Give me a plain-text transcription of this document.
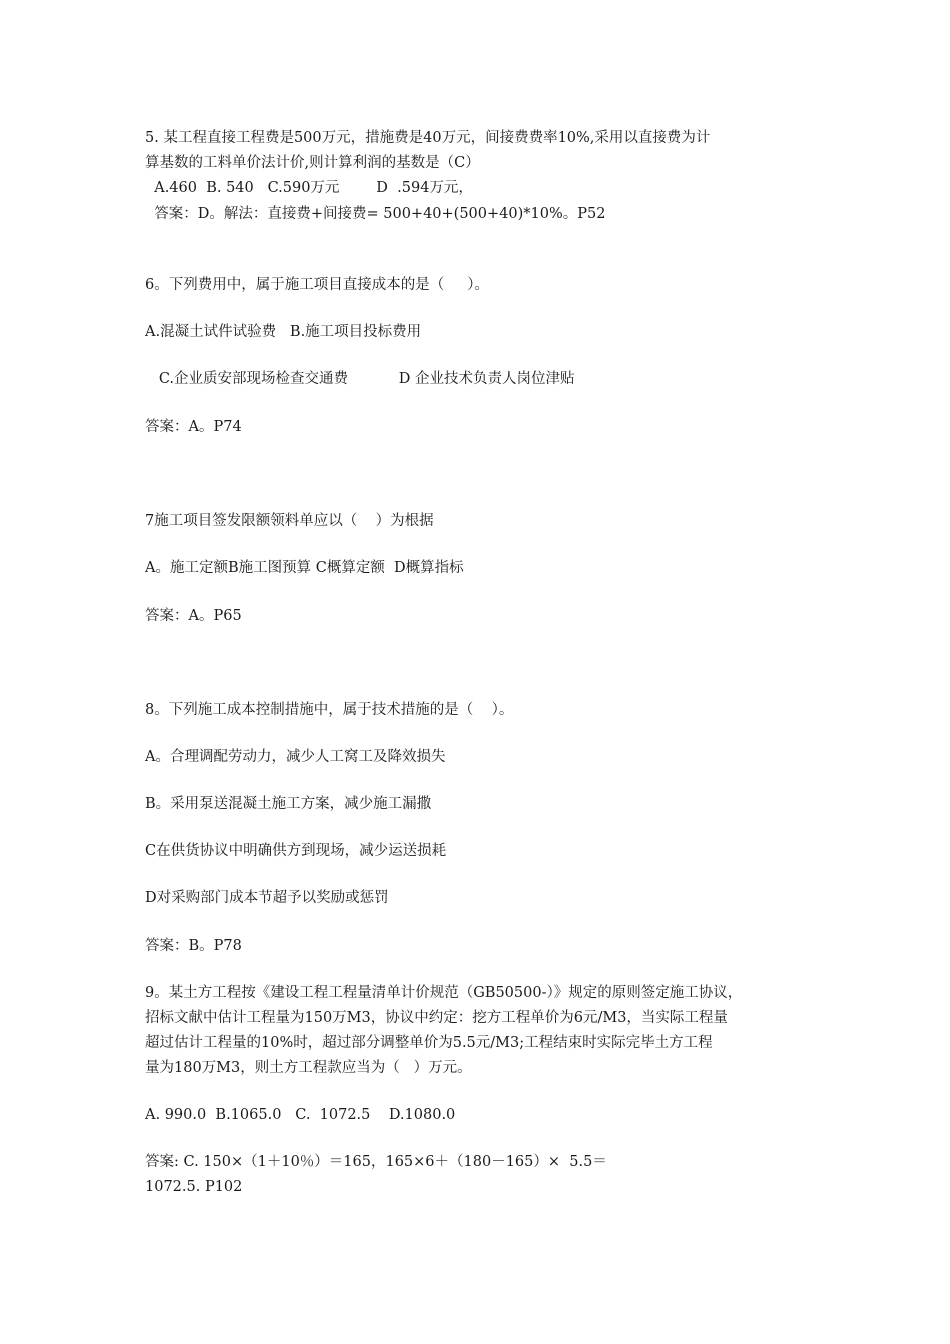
5. 某工程直接工程费是500万元，措施费是40万元，间接费费率10%,采用以直接费为计
算基数的工料单价法计价,则计算利润的基数是（C）
A.460  B. 540   C.590万元        D  .594万元，
答案：D。解法：直接费+间接费= 500+40+(500+40)*10%。P52
6。下列费用中，属于施工项目直接成本的是（     ）。
A.混凝土试件试验费   B.施工项目投标费用
C.企业质安部现场检查交通费           D 企业技术负责人岗位津贴
答案：A。P74
7施工项目签发限额领料单应以（    ）为根据
A。施工定额B施工图预算 C概算定额  D概算指标
答案：A。P65
8。下列施工成本控制措施中，属于技术措施的是（    ）。
A。合理调配劳动力，减少人工窝工及降效损失
B。采用泵送混凝土施工方案，减少施工漏撒
C在供货协议中明确供方到现场，减少运送损耗
D对采购部门成本节超予以奖励或惩罚
答案：B。P78
9。某土方工程按《建设工程工程量清单计价规范（GB50500-）》规定的原则签定施工协议，
招标文献中估计工程量为150万M3，协议中约定：挖方工程单价为6元/M3，当实际工程量
超过估计工程量的10%时，超过部分调整单价为5.5元/M3;工程结束时实际完毕土方工程
量为180万M3，则土方工程款应当为（   ）万元。
A. 990.0  B.1065.0   C.  1072.5    D.1080.0
答案: C. 150×（1＋10％）＝165，165×6＋（180－165）×  5.5＝
1072.5. P102
